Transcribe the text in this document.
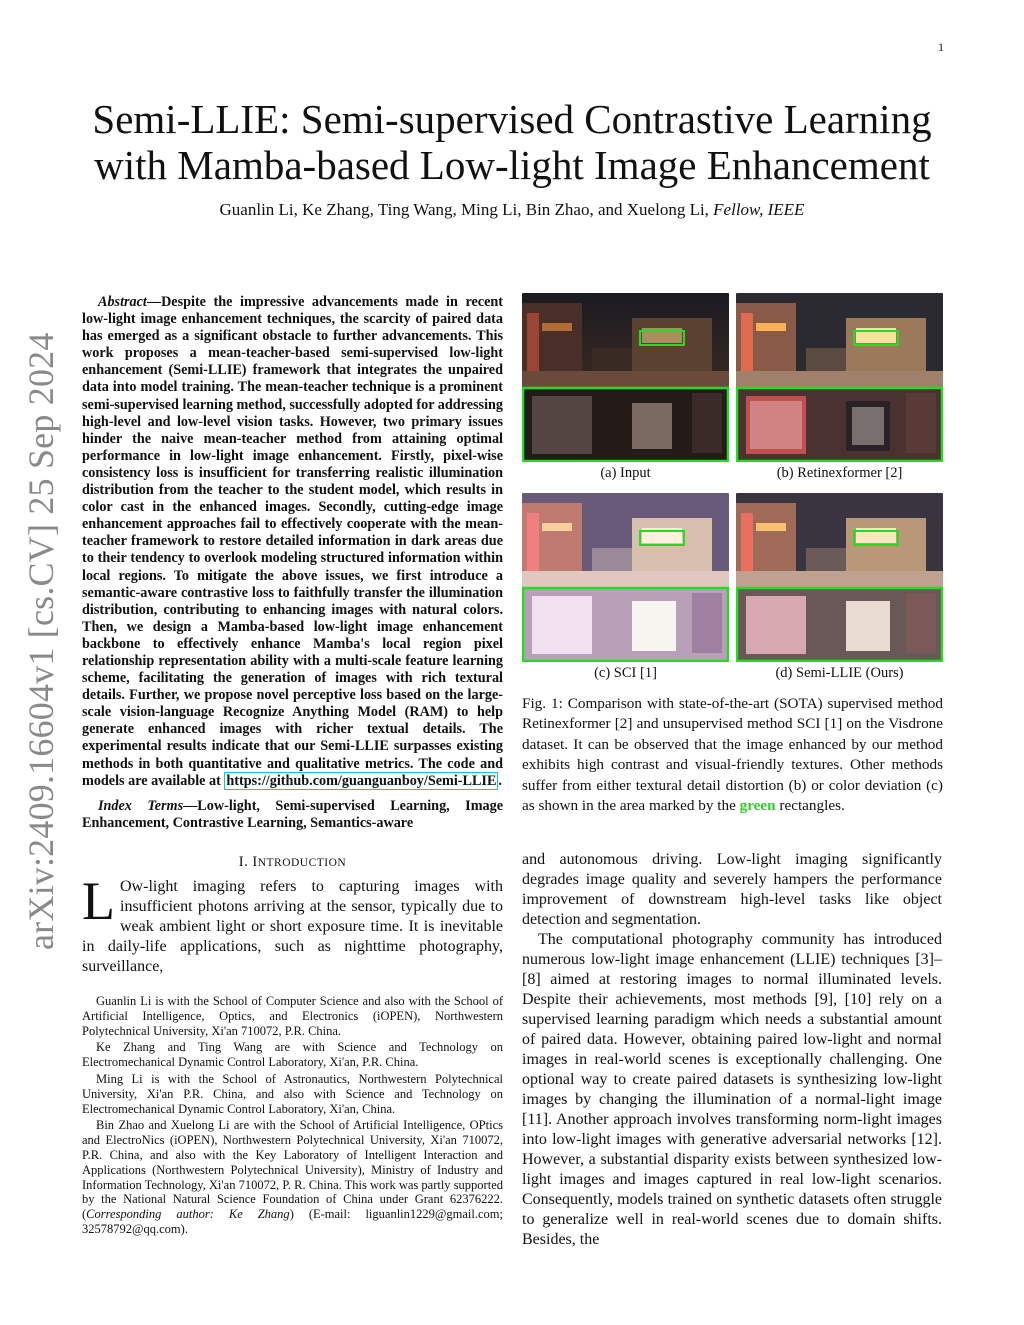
1
arXiv:2409.16604v1 [cs.CV] 25 Sep 2024
Semi-LLIE: Semi-supervised Contrastive Learning with Mamba-based Low-light Image Enhancement
Guanlin Li, Ke Zhang, Ting Wang, Ming Li, Bin Zhao, and Xuelong Li, Fellow, IEEE

Abstract—Despite the impressive advancements made in recent low-light image enhancement techniques, the scarcity of paired data has emerged as a significant obstacle to further advancements. This work proposes a mean-teacher-based semi-supervised low-light enhancement (Semi-LLIE) framework that integrates the unpaired data into model training. The mean-teacher technique is a prominent semi-supervised learning method, successfully adopted for addressing high-level and low-level vision tasks. However, two primary issues hinder the naive mean-teacher method from attaining optimal performance in low-light image enhancement. Firstly, pixel-wise consistency loss is insufficient for transferring realistic illumination distribution from the teacher to the student model, which results in color cast in the enhanced images. Secondly, cutting-edge image enhancement approaches fail to effectively cooperate with the mean-teacher framework to restore detailed information in dark areas due to their tendency to overlook modeling structured information within local regions. To mitigate the above issues, we first introduce a semantic-aware contrastive loss to faithfully transfer the illumination distribution, contributing to enhancing images with natural colors. Then, we design a Mamba-based low-light image enhancement backbone to effectively enhance Mamba's local region pixel relationship representation ability with a multi-scale feature learning scheme, facilitating the generation of images with rich textural details. Further, we propose novel perceptive loss based on the large-scale vision-language Recognize Anything Model (RAM) to help generate enhanced images with richer textual details. The experimental results indicate that our Semi-LLIE surpasses existing methods in both quantitative and qualitative metrics. The code and models are available at https://github.com/guanguanboy/Semi-LLIE .

Index Terms—Low-light, Semi-supervised Learning, Image Enhancement, Contrastive Learning, Semantics-aware

I. INTRODUCTION

L Ow-light imaging refers to capturing images with insufficient photons arriving at the sensor, typically due to weak ambient light or short exposure time. It is inevitable in daily-life applications, such as nighttime photography, surveillance,

Guanlin Li is with the School of Computer Science and also with the School of Artificial Intelligence, Optics, and Electronics (iOPEN), Northwestern Polytechnical University, Xi'an 710072, P.R. China.

Ke Zhang and Ting Wang are with Science and Technology on Electromechanical Dynamic Control Laboratory, Xi'an, P.R. China.

Ming Li is with the School of Astronautics, Northwestern Polytechnical University, Xi'an P.R. China, and also with Science and Technology on Electromechanical Dynamic Control Laboratory, Xi'an, China.

Bin Zhao and Xuelong Li are with the School of Artificial Intelligence, OPtics and ElectroNics (iOPEN), Northwestern Polytechnical University, Xi'an 710072, P.R. China, and also with the Key Laboratory of Intelligent Interaction and Applications (Northwestern Polytechnical University), Ministry of Industry and Information Technology, Xi'an 710072, P. R. China. This work was partly supported by the National Natural Science Foundation of China under Grant 62376222. (Corresponding author: Ke Zhang) (E-mail: liguanlin1229@gmail.com; 32578792@qq.com).

(a) Input	(b) Retinexformer [2]
(c) SCI [1]	(d) Semi-LLIE (Ours)

Fig. 1: Comparison with state-of-the-art (SOTA) supervised method Retinexformer [2] and unsupervised method SCI [1] on the Visdrone dataset. It can be observed that the image enhanced by our method exhibits high contrast and visual-friendly textures. Other methods suffer from either textural detail distortion (b) or color deviation (c) as shown in the area marked by the green rectangles.

and autonomous driving. Low-light imaging significantly degrades image quality and severely hampers the performance improvement of downstream high-level tasks like object detection and segmentation.

The computational photography community has introduced numerous low-light image enhancement (LLIE) techniques [3]–[8] aimed at restoring images to normal illuminated levels. Despite their achievements, most methods [9], [10] rely on a supervised learning paradigm which needs a substantial amount of paired data. However, obtaining paired low-light and normal images in real-world scenes is exceptionally challenging. One optional way to create paired datasets is synthesizing low-light images by changing the illumination of a normal-light image [11]. Another approach involves transforming norm-light images into low-light images with generative adversarial networks [12]. However, a substantial disparity exists between synthesized low-light images and images captured in real low-light scenarios. Consequently, models trained on synthetic datasets often struggle to generalize well in real-world scenes due to domain shifts. Besides, the
